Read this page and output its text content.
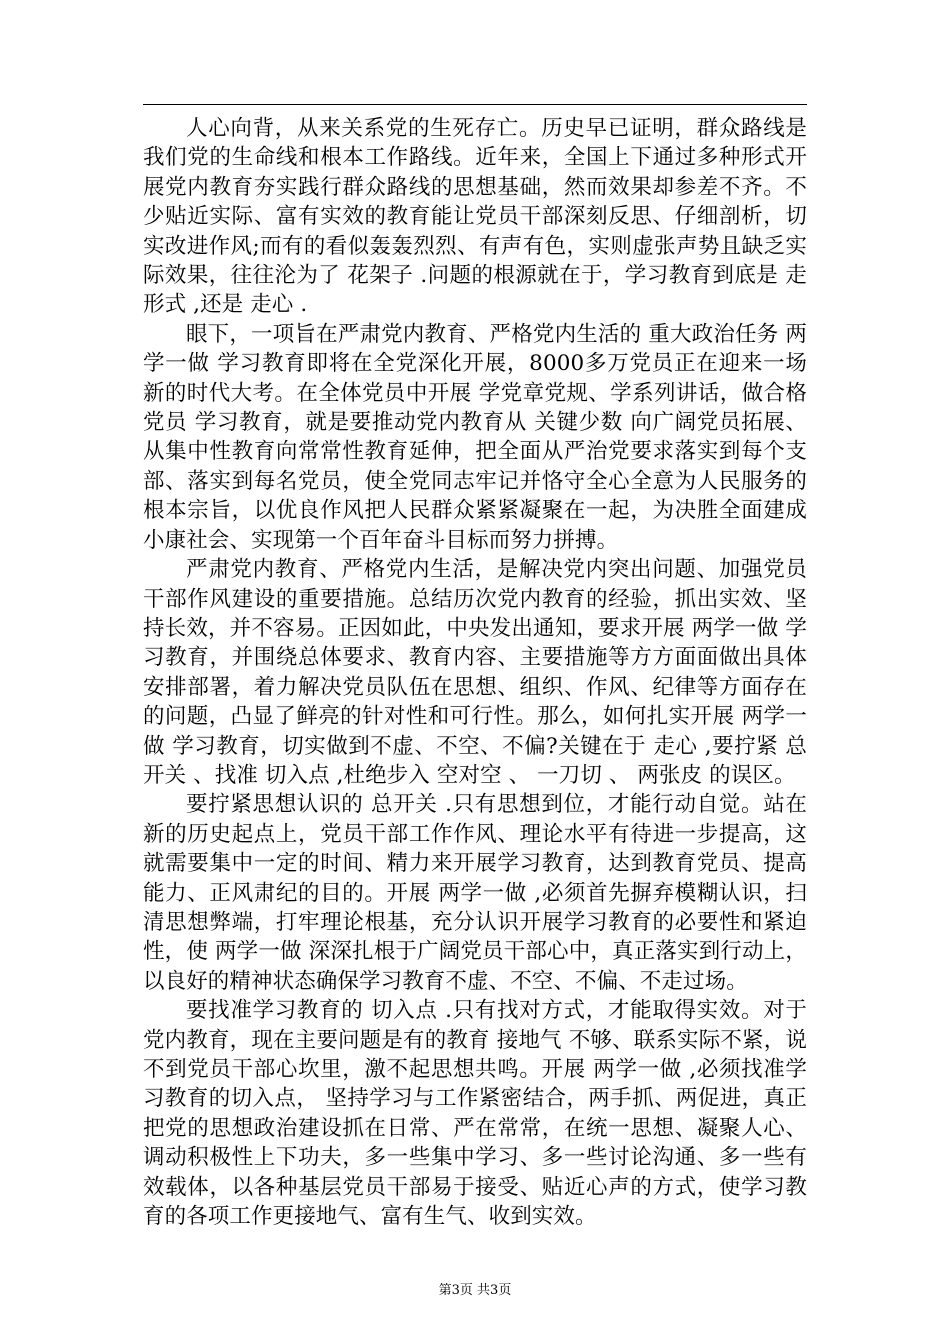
人心向背，从来关系党的生死存亡。历史早已证明，群众路线是我们党的生命线和根本工作路线。近年来，全国上下通过多种形式开展党内教育夯实践行群众路线的思想基础，然而效果却参差不齐。不少贴近实际、富有实效的教育能让党员干部深刻反思、仔细剖析，切实改进作风;而有的看似轰轰烈烈、有声有色，实则虚张声势且缺乏实际效果，往往沦为了 花架子 .问题的根源就在于，学习教育到底是 走形式 ,还是 走心 .

眼下，一项旨在严肃党内教育、严格党内生活的 重大政治任务 两学一做 学习教育即将在全党深化开展，8000多万党员正在迎来一场新的时代大考。在全体党员中开展 学党章党规、学系列讲话，做合格党员 学习教育，就是要推动党内教育从 关键少数 向广阔党员拓展、从集中性教育向常常性教育延伸，把全面从严治党要求落实到每个支部、落实到每名党员，使全党同志牢记并恪守全心全意为人民服务的根本宗旨，以优良作风把人民群众紧紧凝聚在一起，为决胜全面建成小康社会、实现第一个百年奋斗目标而努力拼搏。

严肃党内教育、严格党内生活，是解决党内突出问题、加强党员干部作风建设的重要措施。总结历次党内教育的经验，抓出实效、坚持长效，并不容易。正因如此，中央发出通知，要求开展 两学一做 学习教育，并围绕总体要求、教育内容、主要措施等方方面面做出具体安排部署，着力解决党员队伍在思想、组织、作风、纪律等方面存在的问题，凸显了鲜亮的针对性和可行性。那么，如何扎实开展 两学一做 学习教育，切实做到不虚、不空、不偏?关键在于 走心 ,要拧紧 总开关 、找准 切入点 ,杜绝步入 空对空 、 一刀切 、 两张皮 的误区。

要拧紧思想认识的 总开关 .只有思想到位，才能行动自觉。站在新的历史起点上，党员干部工作作风、理论水平有待进一步提高，这就需要集中一定的时间、精力来开展学习教育，达到教育党员、提高能力、正风肃纪的目的。开展 两学一做 ,必须首先摒弃模糊认识，扫清思想弊端，打牢理论根基，充分认识开展学习教育的必要性和紧迫性，使 两学一做 深深扎根于广阔党员干部心中，真正落实到行动上，以良好的精神状态确保学习教育不虚、不空、不偏、不走过场。

要找准学习教育的 切入点 .只有找对方式，才能取得实效。对于党内教育，现在主要问题是有的教育 接地气 不够、联系实际不紧，说不到党员干部心坎里，激不起思想共鸣。开展 两学一做 ,必须找准学习教育的切入点， 坚持学习与工作紧密结合，两手抓、两促进，真正把党的思想政治建设抓在日常、严在常常，在统一思想、凝聚人心、调动积极性上下功夫，多一些集中学习、多一些讨论沟通、多一些有效载体，以各种基层党员干部易于接受、贴近心声的方式，使学习教育的各项工作更接地气、富有生气、收到实效。

第3页 共3页
